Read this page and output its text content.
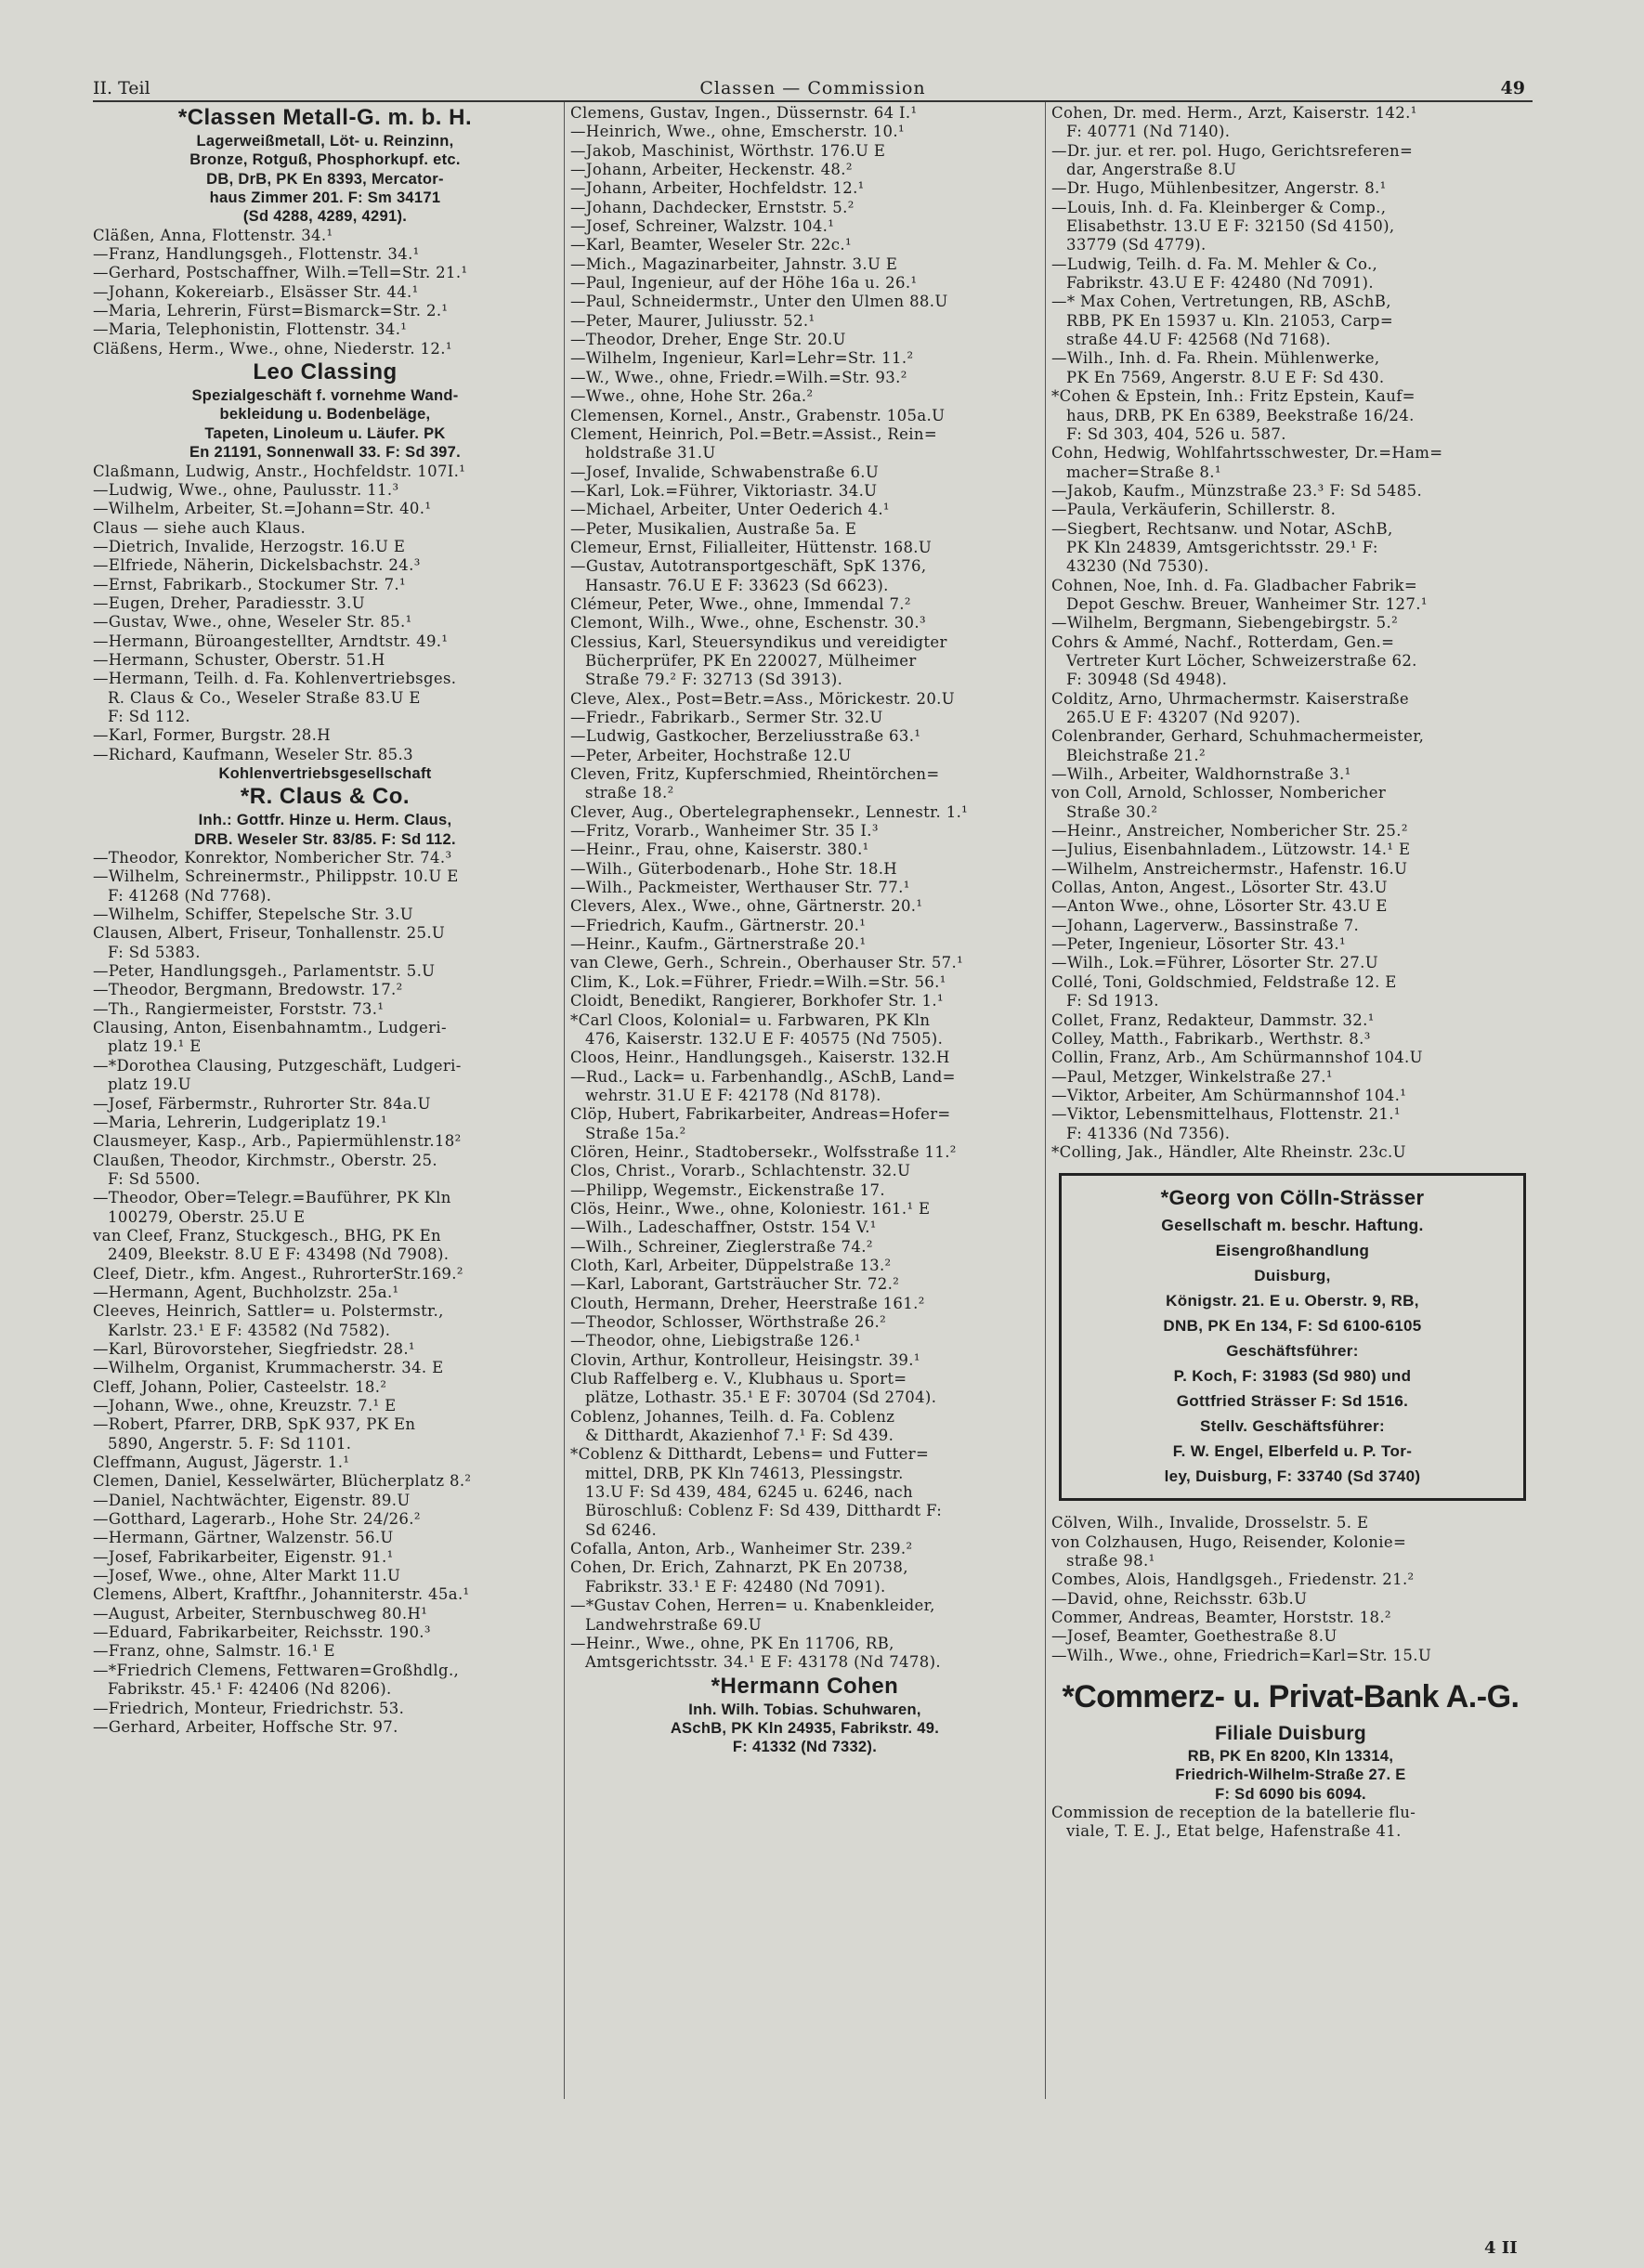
II. Teil	Classen — Commission	49
*Classen Metall-G. m. b. H.
Lagerweißmetall, Löt- u. Reinzinn,
Bronze, Rotguß, Phosphorkupf. etc.
DB, DrB, PK En 8393, Mercator-
haus Zimmer 201. F: Sm 34171
(Sd 4288, 4289, 4291).
Cläßen, Anna, Flottenstr. 34.¹
—Franz, Handlungsgeh., Flottenstr. 34.¹
—Gerhard, Postschaffner, Wilh.=Tell=Str. 21.¹
—Johann, Kokereiarb., Elsässer Str. 44.¹
—Maria, Lehrerin, Fürst=Bismarck=Str. 2.¹
—Maria, Telephonistin, Flottenstr. 34.¹
Cläßens, Herm., Wwe., ohne, Niederstr. 12.¹
Leo Classing
Spezialgeschäft f. vornehme Wand-
bekleidung u. Bodenbeläge,
Tapeten, Linoleum u. Läufer. PK
En 21191, Sonnenwall 33. F: Sd 397.
Claßmann, Ludwig, Anstr., Hochfeldstr. 107I.¹
—Ludwig, Wwe., ohne, Paulusstr. 11.³
—Wilhelm, Arbeiter, St.=Johann=Str. 40.¹
Claus — siehe auch Klaus.
—Dietrich, Invalide, Herzogstr. 16.U E
—Elfriede, Näherin, Dickelsbachstr. 24.³
—Ernst, Fabrikarb., Stockumer Str. 7.¹
—Eugen, Dreher, Paradiesstr. 3.U
—Gustav, Wwe., ohne, Weseler Str. 85.¹
—Hermann, Büroangestellter, Arndtstr. 49.¹
—Hermann, Schuster, Oberstr. 51.H
—Hermann, Teilh. d. Fa. Kohlenvertriebsges.
R. Claus & Co., Weseler Straße 83.U E
F: Sd 112.
—Karl, Former, Burgstr. 28.H
—Richard, Kaufmann, Weseler Str. 85.3
Kohlenvertriebsgesellschaft
*R. Claus & Co.
Inh.: Gottfr. Hinze u. Herm. Claus,
DRB. Weseler Str. 83/85. F: Sd 112.
—Theodor, Konrektor, Nombericher Str. 74.³
—Wilhelm, Schreinermstr., Philippstr. 10.U E
F: 41268 (Nd 7768).
—Wilhelm, Schiffer, Stepelsche Str. 3.U
Clausen, Albert, Friseur, Tonhallenstr. 25.U
F: Sd 5383.
—Peter, Handlungsgeh., Parlamentstr. 5.U
—Theodor, Bergmann, Bredowstr. 17.²
—Th., Rangiermeister, Forststr. 73.¹
Clausing, Anton, Eisenbahnamtm., Ludgeri-
platz 19.¹ E
—*Dorothea Clausing, Putzgeschäft, Ludgeri-
platz 19.U
—Josef, Färbermstr., Ruhrorter Str. 84a.U
—Maria, Lehrerin, Ludgeriplatz 19.¹
Clausmeyer, Kasp., Arb., Papiermühlenstr.18²
Claußen, Theodor, Kirchmstr., Oberstr. 25.
F: Sd 5500.
—Theodor, Ober=Telegr.=Bauführer, PK Kln
100279, Oberstr. 25.U E
van Cleef, Franz, Stuckgesch., BHG, PK En
2409, Bleekstr. 8.U E F: 43498 (Nd 7908).
Cleef, Dietr., kfm. Angest., RuhrorterStr.169.²
—Hermann, Agent, Buchholzstr. 25a.¹
Cleeves, Heinrich, Sattler= u. Polstermstr.,
Karlstr. 23.¹ E F: 43582 (Nd 7582).
—Karl, Bürovorsteher, Siegfriedstr. 28.¹
—Wilhelm, Organist, Krummacherstr. 34. E
Cleff, Johann, Polier, Casteelstr. 18.²
—Johann, Wwe., ohne, Kreuzstr. 7.¹ E
—Robert, Pfarrer, DRB, SpK 937, PK En
5890, Angerstr. 5. F: Sd 1101.
Cleffmann, August, Jägerstr. 1.¹
Clemen, Daniel, Kesselwärter, Blücherplatz 8.²
—Daniel, Nachtwächter, Eigenstr. 89.U
—Gotthard, Lagerarb., Hohe Str. 24/26.²
—Hermann, Gärtner, Walzenstr. 56.U
—Josef, Fabrikarbeiter, Eigenstr. 91.¹
—Josef, Wwe., ohne, Alter Markt 11.U
Clemens, Albert, Kraftfhr., Johanniterstr. 45a.¹
—August, Arbeiter, Sternbuschweg 80.H¹
—Eduard, Fabrikarbeiter, Reichsstr. 190.³
—Franz, ohne, Salmstr. 16.¹ E
—*Friedrich Clemens, Fettwaren=Großhdlg.,
Fabrikstr. 45.¹ F: 42406 (Nd 8206).
—Friedrich, Monteur, Friedrichstr. 53.
—Gerhard, Arbeiter, Hoffsche Str. 97.
Clemens, Gustav, Ingen., Düssernstr. 64 I.¹
—Heinrich, Wwe., ohne, Emscherstr. 10.¹
—Jakob, Maschinist, Wörthstr. 176.U E
—Johann, Arbeiter, Heckenstr. 48.²
—Johann, Arbeiter, Hochfeldstr. 12.¹
—Johann, Dachdecker, Ernststr. 5.²
—Josef, Schreiner, Walzstr. 104.¹
—Karl, Beamter, Weseler Str. 22c.¹
—Mich., Magazinarbeiter, Jahnstr. 3.U E
—Paul, Ingenieur, auf der Höhe 16a u. 26.¹
—Paul, Schneidermstr., Unter den Ulmen 88.U
—Peter, Maurer, Juliusstr. 52.¹
—Theodor, Dreher, Enge Str. 20.U
—Wilhelm, Ingenieur, Karl=Lehr=Str. 11.²
—W., Wwe., ohne, Friedr.=Wilh.=Str. 93.²
—Wwe., ohne, Hohe Str. 26a.²
Clemensen, Kornel., Anstr., Grabenstr. 105a.U
Clement, Heinrich, Pol.=Betr.=Assist., Rein=
holdstraße 31.U
—Josef, Invalide, Schwabenstraße 6.U
—Karl, Lok.=Führer, Viktoriastr. 34.U
—Michael, Arbeiter, Unter Oederich 4.¹
—Peter, Musikalien, Austraße 5a. E
Clemeur, Ernst, Filialleiter, Hüttenstr. 168.U
—Gustav, Autotransportgeschäft, SpK 1376,
Hansastr. 76.U E F: 33623 (Sd 6623).
Clémeur, Peter, Wwe., ohne, Immendal 7.²
Clemont, Wilh., Wwe., ohne, Eschenstr. 30.³
Clessius, Karl, Steuersyndikus und vereidigter
Bücherprüfer, PK En 220027, Mülheimer
Straße 79.² F: 32713 (Sd 3913).
Cleve, Alex., Post=Betr.=Ass., Mörickestr. 20.U
—Friedr., Fabrikarb., Sermer Str. 32.U
—Ludwig, Gastkocher, Berzeliusstraße 63.¹
—Peter, Arbeiter, Hochstraße 12.U
Cleven, Fritz, Kupferschmied, Rheintörchen=
straße 18.²
Clever, Aug., Obertelegraphensekr., Lennestr. 1.¹
—Fritz, Vorarb., Wanheimer Str. 35 I.³
—Heinr., Frau, ohne, Kaiserstr. 380.¹
—Wilh., Güterbodenarb., Hohe Str. 18.H
—Wilh., Packmeister, Werthauser Str. 77.¹
Clevers, Alex., Wwe., ohne, Gärtnerstr. 20.¹
—Friedrich, Kaufm., Gärtnerstr. 20.¹
—Heinr., Kaufm., Gärtnerstraße 20.¹
van Clewe, Gerh., Schrein., Oberhauser Str. 57.¹
Clim, K., Lok.=Führer, Friedr.=Wilh.=Str. 56.¹
Cloidt, Benedikt, Rangierer, Borkhofer Str. 1.¹
*Carl Cloos, Kolonial= u. Farbwaren, PK Kln
476, Kaiserstr. 132.U E F: 40575 (Nd 7505).
Cloos, Heinr., Handlungsgeh., Kaiserstr. 132.H
—Rud., Lack= u. Farbenhandlg., ASchB, Land=
wehrstr. 31.U E F: 42178 (Nd 8178).
Clöp, Hubert, Fabrikarbeiter, Andreas=Hofer=
Straße 15a.²
Clören, Heinr., Stadtobersekr., Wolfsstraße 11.²
Clos, Christ., Vorarb., Schlachtenstr. 32.U
—Philipp, Wegemstr., Eickenstraße 17.
Clös, Heinr., Wwe., ohne, Koloniestr. 161.¹ E
—Wilh., Ladeschaffner, Oststr. 154 V.¹
—Wilh., Schreiner, Zieglerstraße 74.²
Cloth, Karl, Arbeiter, Düppelstraße 13.²
—Karl, Laborant, Gartsträucher Str. 72.²
Clouth, Hermann, Dreher, Heerstraße 161.²
—Theodor, Schlosser, Wörthstraße 26.²
—Theodor, ohne, Liebigstraße 126.¹
Clovin, Arthur, Kontrolleur, Heisingstr. 39.¹
Club Raffelberg e. V., Klubhaus u. Sport=
plätze, Lothastr. 35.¹ E F: 30704 (Sd 2704).
Coblenz, Johannes, Teilh. d. Fa. Coblenz
& Ditthardt, Akazienhof 7.¹ F: Sd 439.
*Coblenz & Ditthardt, Lebens= und Futter=
mittel, DRB, PK Kln 74613, Plessingstr.
13.U F: Sd 439, 484, 6245 u. 6246, nach
Büroschluß: Coblenz F: Sd 439, Ditthardt F:
Sd 6246.
Cofalla, Anton, Arb., Wanheimer Str. 239.²
Cohen, Dr. Erich, Zahnarzt, PK En 20738,
Fabrikstr. 33.¹ E F: 42480 (Nd 7091).
—*Gustav Cohen, Herren= u. Knabenkleider,
Landwehrstraße 69.U
—Heinr., Wwe., ohne, PK En 11706, RB,
Amtsgerichtsstr. 34.¹ E F: 43178 (Nd 7478).
*Hermann Cohen
Inh. Wilh. Tobias. Schuhwaren,
ASchB, PK Kln 24935, Fabrikstr. 49.
F: 41332 (Nd 7332).
Cohen, Dr. med. Herm., Arzt, Kaiserstr. 142.¹
F: 40771 (Nd 7140).
—Dr. jur. et rer. pol. Hugo, Gerichtsreferen=
dar, Angerstraße 8.U
—Dr. Hugo, Mühlenbesitzer, Angerstr. 8.¹
—Louis, Inh. d. Fa. Kleinberger & Comp.,
Elisabethstr. 13.U E F: 32150 (Sd 4150),
33779 (Sd 4779).
—Ludwig, Teilh. d. Fa. M. Mehler & Co.,
Fabrikstr. 43.U E F: 42480 (Nd 7091).
—* Max Cohen, Vertretungen, RB, ASchB,
RBB, PK En 15937 u. Kln. 21053, Carp=
straße 44.U F: 42568 (Nd 7168).
—Wilh., Inh. d. Fa. Rhein. Mühlenwerke,
PK En 7569, Angerstr. 8.U E F: Sd 430.
*Cohen & Epstein, Inh.: Fritz Epstein, Kauf=
haus, DRB, PK En 6389, Beekstraße 16/24.
F: Sd 303, 404, 526 u. 587.
Cohn, Hedwig, Wohlfahrtsschwester, Dr.=Ham=
macher=Straße 8.¹
—Jakob, Kaufm., Münzstraße 23.³ F: Sd 5485.
—Paula, Verkäuferin, Schillerstr. 8.
—Siegbert, Rechtsanw. und Notar, ASchB,
PK Kln 24839, Amtsgerichtsstr. 29.¹ F:
43230 (Nd 7530).
Cohnen, Noe, Inh. d. Fa. Gladbacher Fabrik=
Depot Geschw. Breuer, Wanheimer Str. 127.¹
—Wilhelm, Bergmann, Siebengebirgstr. 5.²
Cohrs & Ammé, Nachf., Rotterdam, Gen.=
Vertreter Kurt Löcher, Schweizerstraße 62.
F: 30948 (Sd 4948).
Colditz, Arno, Uhrmachermstr. Kaiserstraße
265.U E F: 43207 (Nd 9207).
Colenbrander, Gerhard, Schuhmachermeister,
Bleichstraße 21.²
—Wilh., Arbeiter, Waldhornstraße 3.¹
von Coll, Arnold, Schlosser, Nombericher
Straße 30.²
—Heinr., Anstreicher, Nombericher Str. 25.²
—Julius, Eisenbahnladem., Lützowstr. 14.¹ E
—Wilhelm, Anstreichermstr., Hafenstr. 16.U
Collas, Anton, Angest., Lösorter Str. 43.U
—Anton Wwe., ohne, Lösorter Str. 43.U E
—Johann, Lagerverw., Bassinstraße 7.
—Peter, Ingenieur, Lösorter Str. 43.¹
—Wilh., Lok.=Führer, Lösorter Str. 27.U
Collé, Toni, Goldschmied, Feldstraße 12. E
F: Sd 1913.
Collet, Franz, Redakteur, Dammstr. 32.¹
Colley, Matth., Fabrikarb., Werthstr. 8.³
Collin, Franz, Arb., Am Schürmannshof 104.U
—Paul, Metzger, Winkelstraße 27.¹
—Viktor, Arbeiter, Am Schürmannshof 104.¹
—Viktor, Lebensmittelhaus, Flottenstr. 21.¹
F: 41336 (Nd 7356).
*Colling, Jak., Händler, Alte Rheinstr. 23c.U
*Georg von Cölln-Strässer
Gesellschaft m. beschr. Haftung.
Eisengroßhandlung
Duisburg,
Königstr. 21. E u. Oberstr. 9, RB,
DNB, PK En 134, F: Sd 6100-6105
Geschäftsführer:
P. Koch, F: 31983 (Sd 980) und
Gottfried Strässer F: Sd 1516.
Stellv. Geschäftsführer:
F. W. Engel, Elberfeld u. P. Tor-
ley, Duisburg, F: 33740 (Sd 3740)
Cölven, Wilh., Invalide, Drosselstr. 5. E
von Colzhausen, Hugo, Reisender, Kolonie=
straße 98.¹
Combes, Alois, Handlgsgeh., Friedenstr. 21.²
—David, ohne, Reichsstr. 63b.U
Commer, Andreas, Beamter, Horststr. 18.²
—Josef, Beamter, Goethestraße 8.U
—Wilh., Wwe., ohne, Friedrich=Karl=Str. 15.U
*Commerz- u. Privat-Bank A.-G.
Filiale Duisburg
RB, PK En 8200, Kln 13314,
Friedrich-Wilhelm-Straße 27. E
F: Sd 6090 bis 6094.
Commission de reception de la batellerie flu-
viale, T. E. J., Etat belge, Hafenstraße 41.
4 II
